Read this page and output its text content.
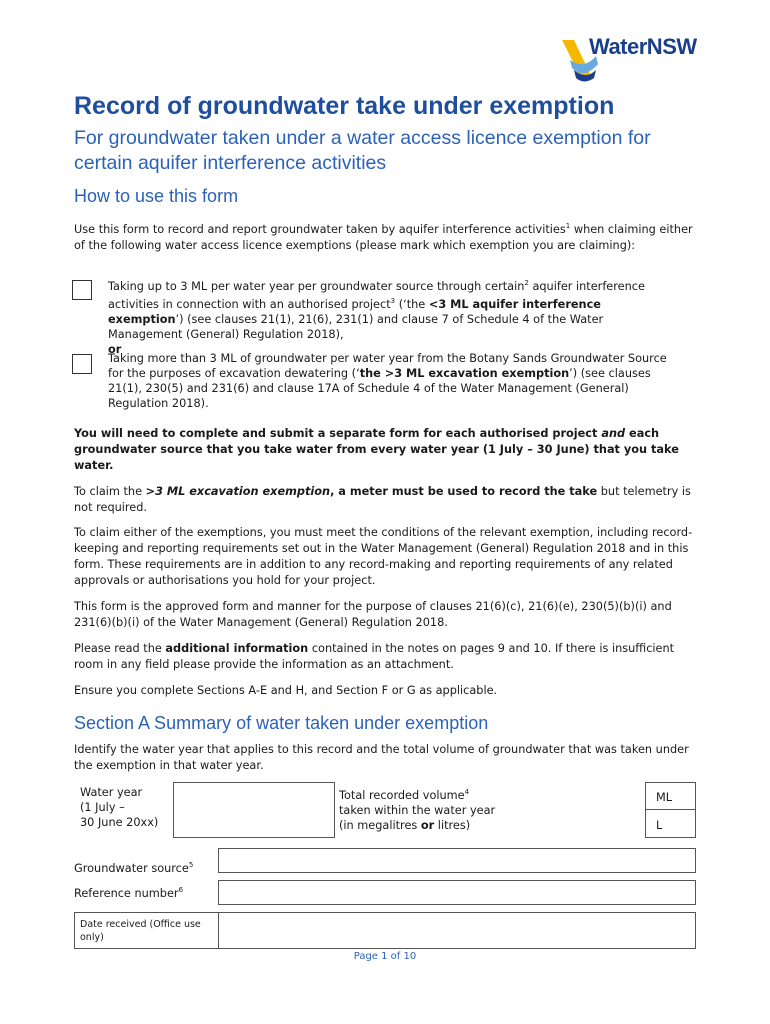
WaterNSW
Record of groundwater take under exemption
For groundwater taken under a water access licence exemption for certain aquifer interference activities
How to use this form
Use this form to record and report groundwater taken by aquifer interference activities$^1$ when claiming either of the following water access licence exemptions (please mark which exemption you are claiming):
Taking up to 3 ML per water year per groundwater source through certain$^2$ aquifer interference activities in connection with an authorised project$^3$ (‘the <3 ML aquifer interference exemption’) (see clauses 21(1), 21(6), 231(1) and clause 7 of Schedule 4 of the Water Management (General) Regulation 2018),
or
Taking more than 3 ML of groundwater per water year from the Botany Sands Groundwater Source for the purposes of excavation dewatering (‘the >3 ML excavation exemption’) (see clauses 21(1), 230(5) and 231(6) and clause 17A of Schedule 4 of the Water Management (General) Regulation 2018).
You will need to complete and submit a separate form for each authorised project and each groundwater source that you take water from every water year (1 July – 30 June) that you take water.
To claim the >3 ML excavation exemption, a meter must be used to record the take but telemetry is not required.
To claim either of the exemptions, you must meet the conditions of the relevant exemption, including record-keeping and reporting requirements set out in the Water Management (General) Regulation 2018 and in this form. These requirements are in addition to any record-making and reporting requirements of any related approvals or authorisations you hold for your project.
This form is the approved form and manner for the purpose of clauses 21(6)(c), 21(6)(e), 230(5)(b)(i) and 231(6)(b)(i) of the Water Management (General) Regulation 2018.
Please read the additional information contained in the notes on pages 9 and 10. If there is insufficient room in any field please provide the information as an attachment.
Ensure you complete Sections A-E and H, and Section F or G as applicable.
Section A Summary of water taken under exemption
Identify the water year that applies to this record and the total volume of groundwater that was taken under the exemption in that water year.
Water year
(1 July –
30 June 20xx)
Total recorded volume$^4$
taken within the water year
(in megalitres or litres)
ML
L
Groundwater source$^5$
Reference number$^6$
Date received (Office use only)
Page 1 of 10
